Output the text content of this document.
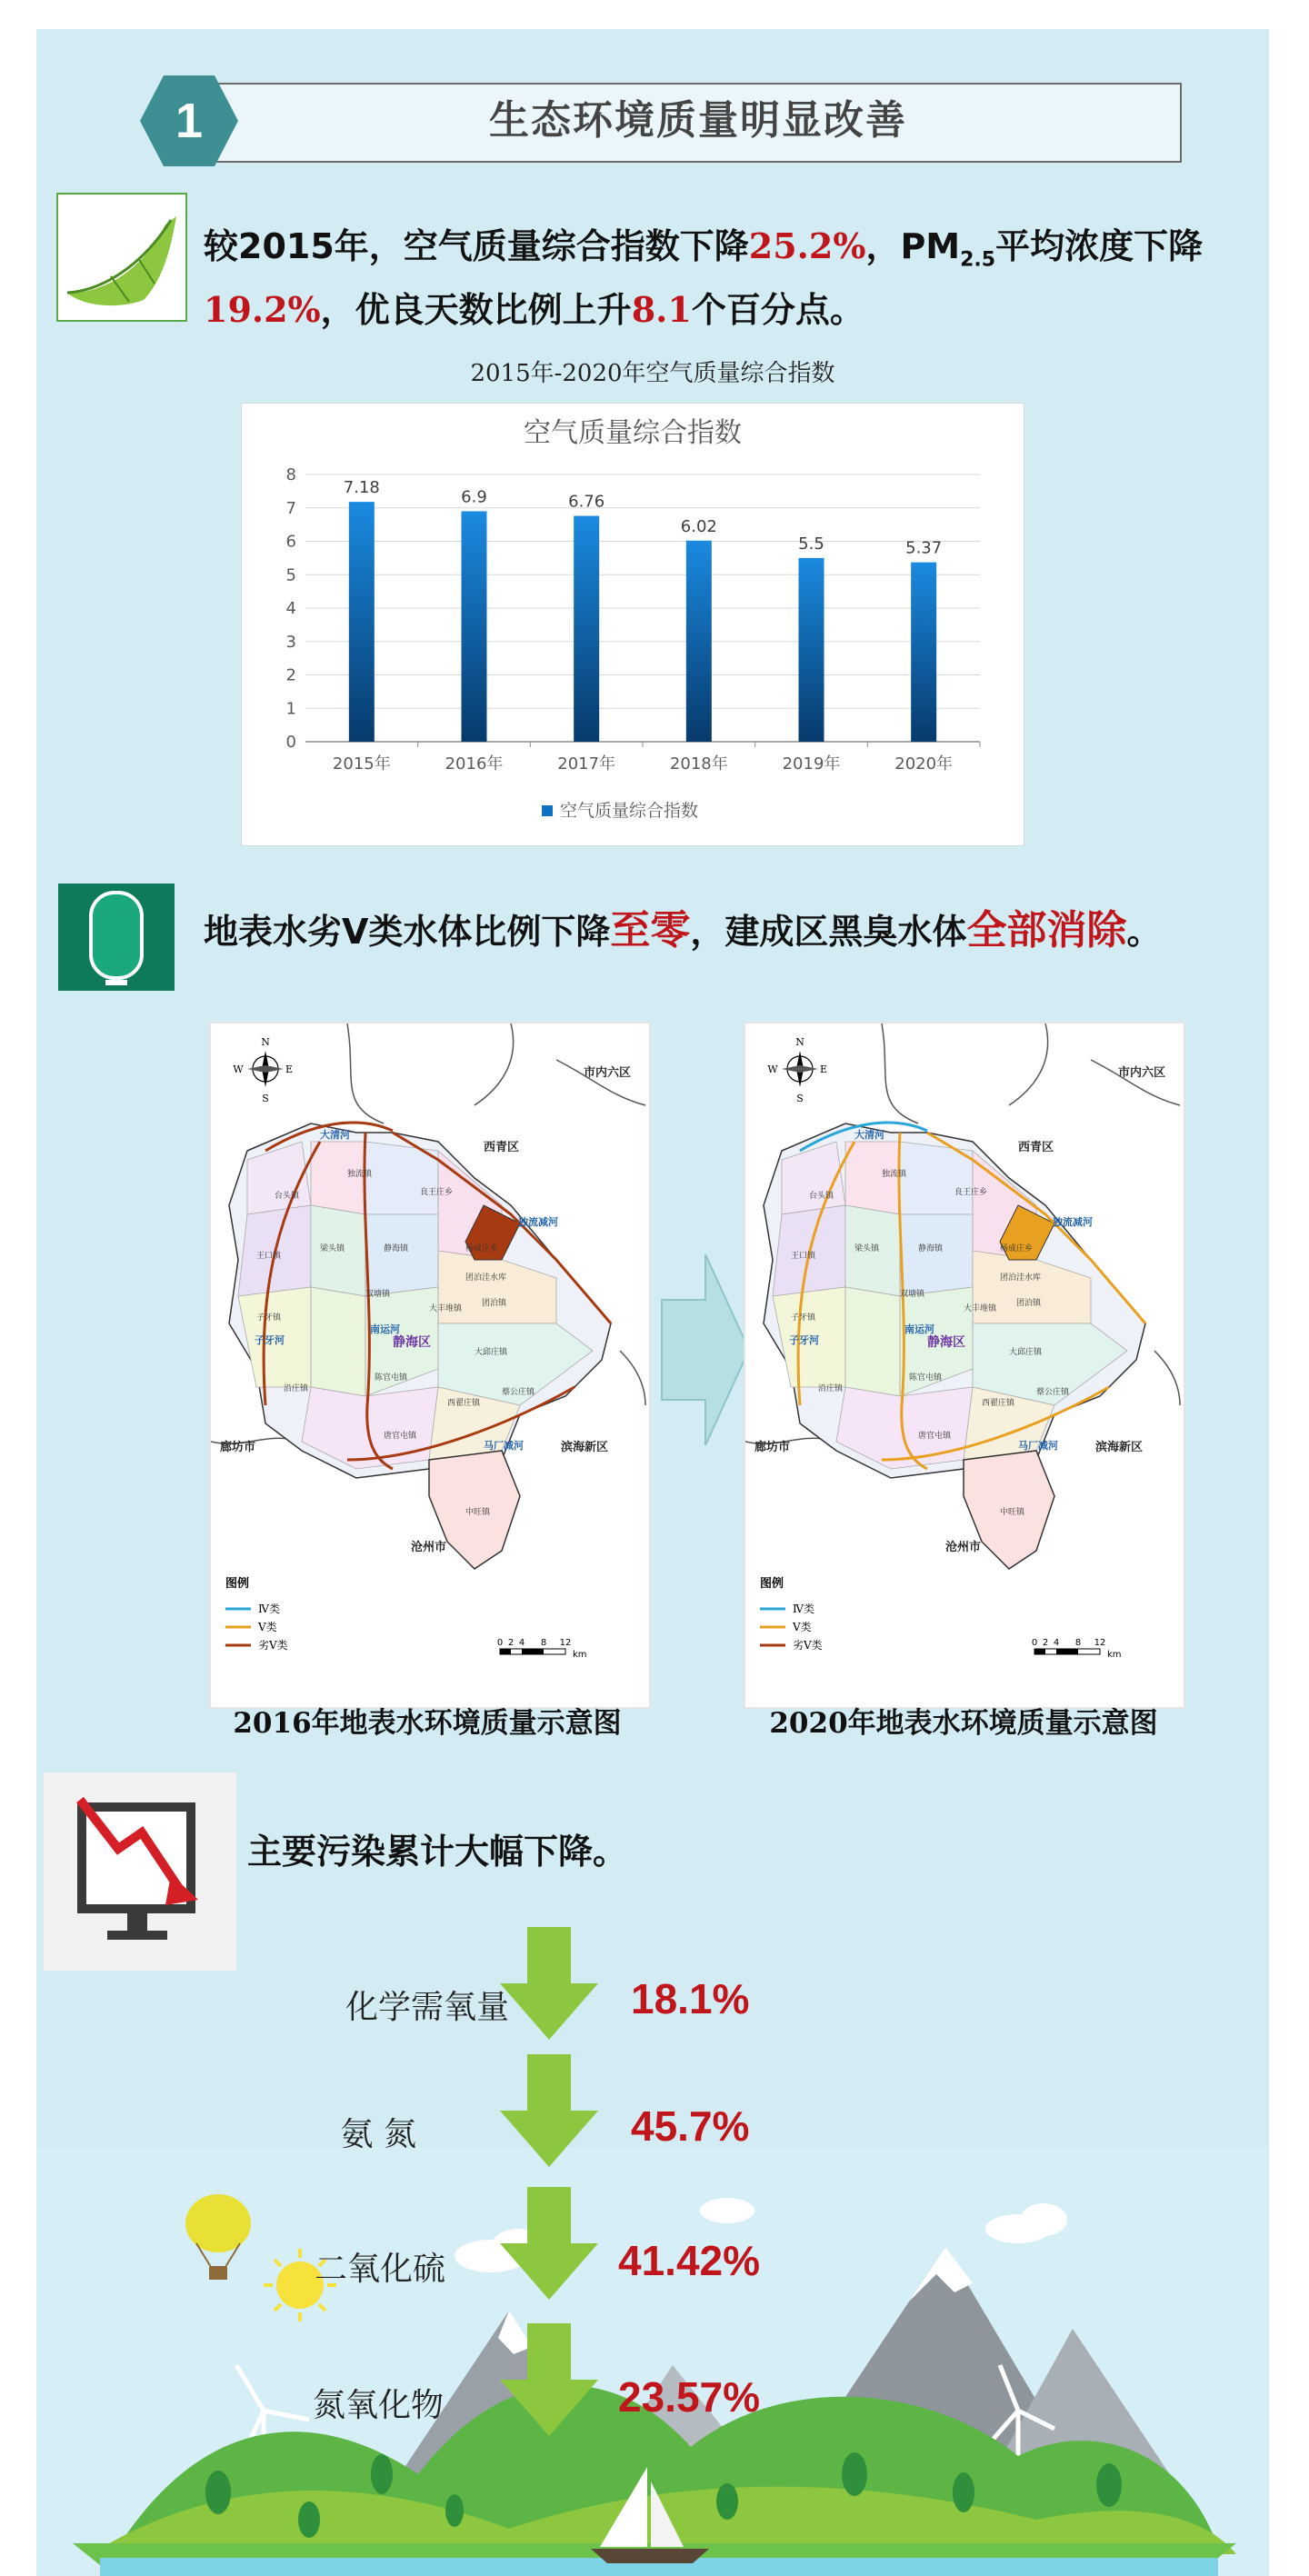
生态环境质量明显改善
1
较2015年，空气质量综合指数下降25.2%，$PM_{2.5}$平均浓度下降
19.2%，优良天数比例上升8.1个百分点。
2015年-2020年空气质量综合指数
空气质量综合指数
0
1
2
3
4
5
6
7
8
7.18
2015年
6.9
2016年
6.76
2017年
6.02
2018年
5.5
2019年
5.37
2020年
空气质量综合指数
地表水劣Ⅴ类水体比例下降至零，建成区黑臭水体全部消除。
N
S
W	E	市内六区
西青区
廊坊市	滨海新区
沧州市
静海区
大清河
独流减河
南运河
子牙河
马厂减河
独流镇
良王庄乡
台头镇
梁头镇	静海镇	杨成庄乡
王口镇
团泊洼水库
团泊镇
双塘镇
大丰堆镇
子牙镇
大邱庄镇
陈官屯镇
沿庄镇
西翟庄镇
蔡公庄镇
唐官屯镇
中旺镇
图例
Ⅳ类
Ⅴ类
劣Ⅴ类	0 2 4 8 12
km
N
S
W	E	市内六区
西青区
廊坊市	滨海新区
沧州市
静海区
大清河
独流减河
南运河
子牙河
马厂减河
独流镇
良王庄乡
台头镇
梁头镇	静海镇	杨成庄乡
王口镇
团泊洼水库
团泊镇
双塘镇
大丰堆镇
子牙镇
大邱庄镇
陈官屯镇
沿庄镇
西翟庄镇
蔡公庄镇
唐官屯镇
中旺镇
图例
Ⅳ类
Ⅴ类
劣Ⅴ类	0 2 4 8 12
km
2016年地表水环境质量示意图	2020年地表水环境质量示意图
主要污染累计大幅下降。
化学需氧量	18.1%
氨 氮	45.7%
二氧化硫	41.42%
氮氧化物	23.57%
